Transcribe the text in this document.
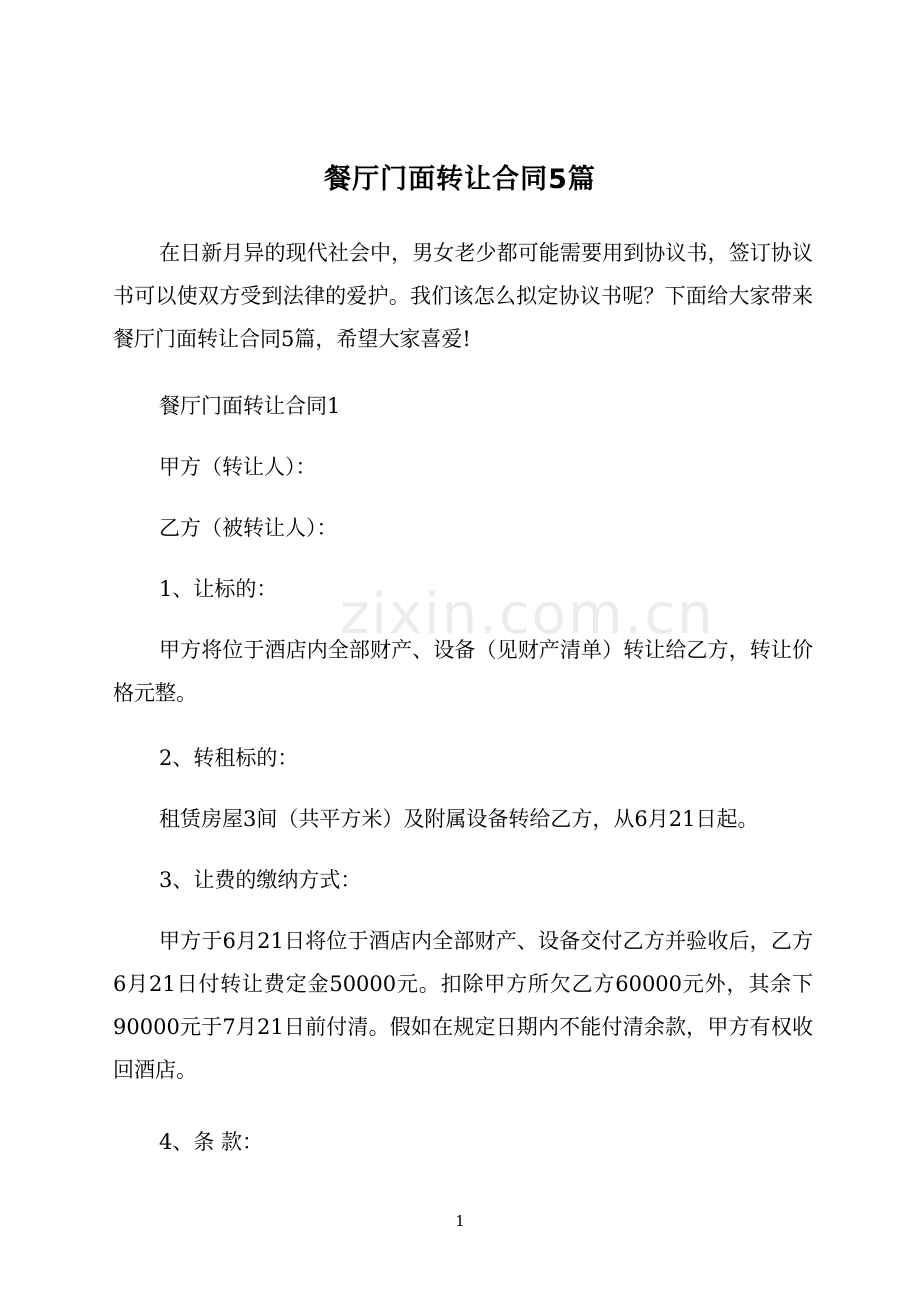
餐厅门面转让合同5篇

在日新月异的现代社会中，男女老少都可能需要用到协议书，签订协议书可以使双方受到法律的爱护。我们该怎么拟定协议书呢？下面给大家带来餐厅门面转让合同5篇，希望大家喜爱!

餐厅门面转让合同1

甲方（转让人）：

乙方（被转让人）：

1、让标的：

甲方将位于酒店内全部财产、设备（见财产清单）转让给乙方，转让价格元整。

2、转租标的：

租赁房屋3间（共平方米）及附属设备转给乙方，从6月21日起。

3、让费的缴纳方式：

甲方于6月21日将位于酒店内全部财产、设备交付乙方并验收后，乙方6月21日付转让费定金50000元。扣除甲方所欠乙方60000元外，其余下90000元于7月21日前付清。假如在规定日期内不能付清余款，甲方有权收回酒店。

4、条 款：

zixin.com.cn
1
